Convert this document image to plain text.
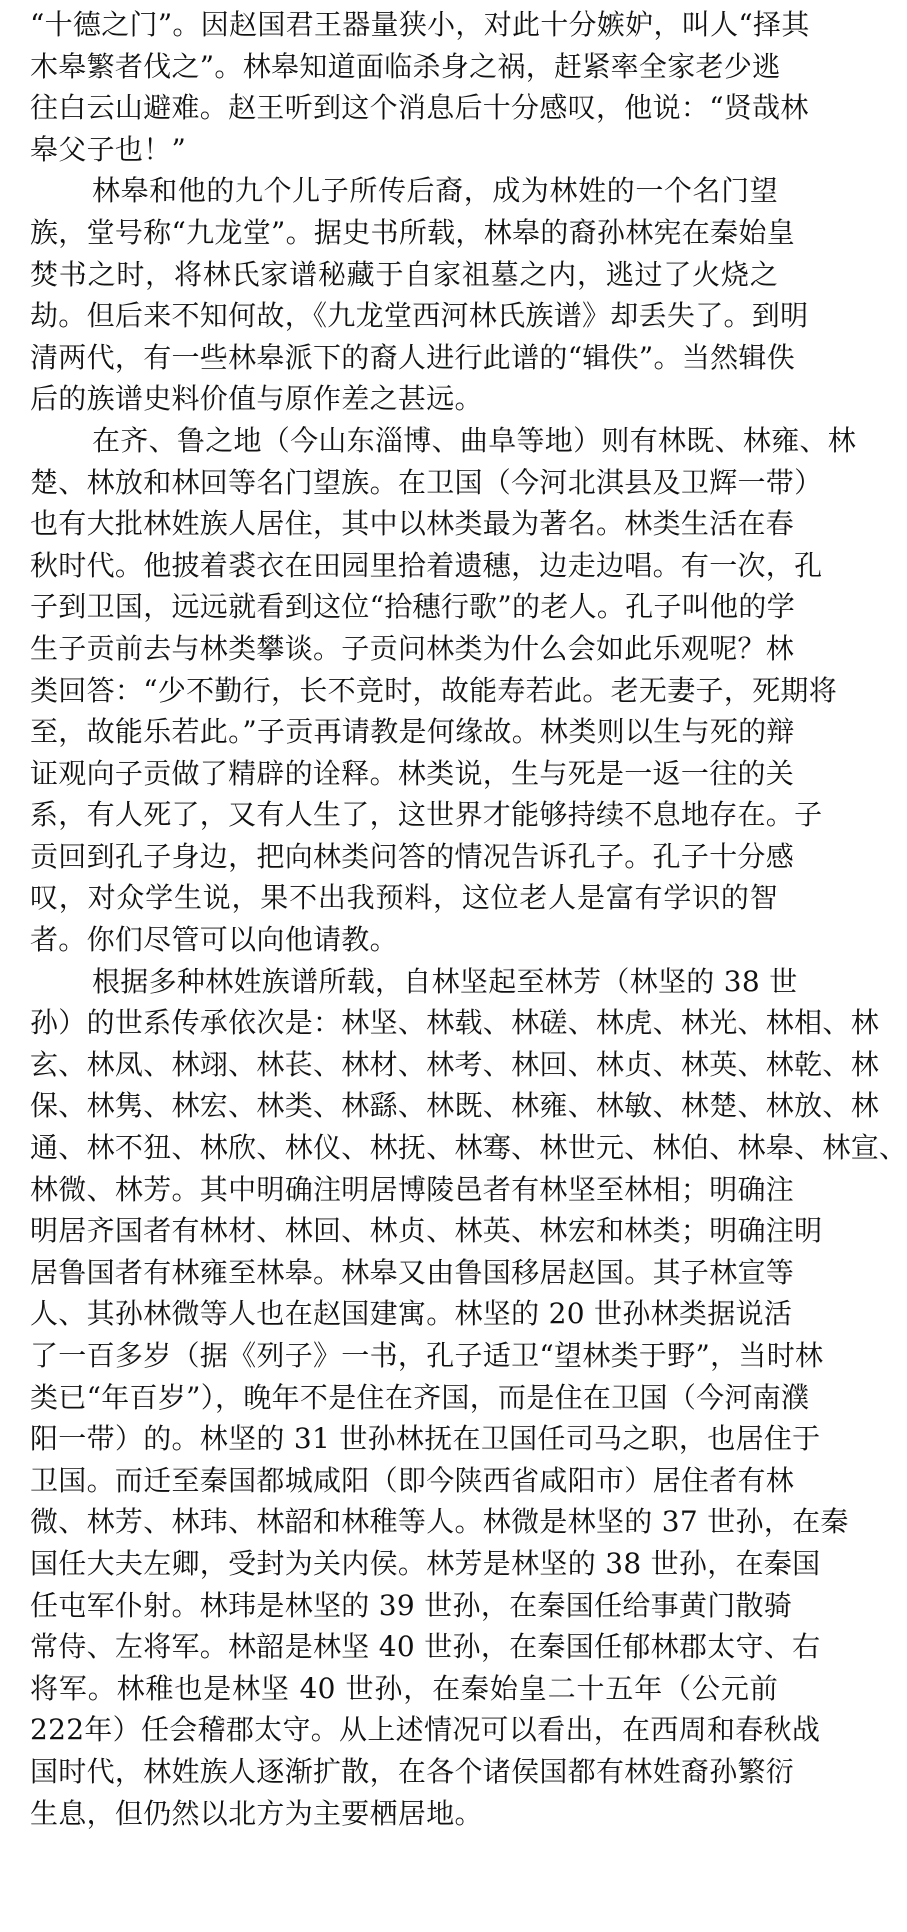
“十德之门”。因赵国君王器量狭小，对此十分嫉妒，叫人“择其
木皋繁者伐之”。林皋知道面临杀身之祸，赶紧率全家老少逃
往白云山避难。赵王听到这个消息后十分感叹，他说：“贤哉林
皋父子也！”
林皋和他的九个儿子所传后裔，成为林姓的一个名门望
族，堂号称“九龙堂”。据史书所载，林皋的裔孙林宪在秦始皇
焚书之时，将林氏家谱秘藏于自家祖墓之内，逃过了火烧之
劫。但后来不知何故，《九龙堂西河林氏族谱》却丢失了。到明
清两代，有一些林皋派下的裔人进行此谱的“辑佚”。当然辑佚
后的族谱史料价值与原作差之甚远。
在齐、鲁之地（今山东淄博、曲阜等地）则有林既、林雍、林
楚、林放和林回等名门望族。在卫国（今河北淇县及卫辉一带）
也有大批林姓族人居住，其中以林类最为著名。林类生活在春
秋时代。他披着裘衣在田园里拾着遗穗，边走边唱。有一次，孔
子到卫国，远远就看到这位“拾穗行歌”的老人。孔子叫他的学
生子贡前去与林类攀谈。子贡问林类为什么会如此乐观呢？林
类回答：“少不勤行，长不竞时，故能寿若此。老无妻子，死期将
至，故能乐若此。”子贡再请教是何缘故。林类则以生与死的辩
证观向子贡做了精辟的诠释。林类说，生与死是一返一往的关
系，有人死了，又有人生了，这世界才能够持续不息地存在。子
贡回到孔子身边，把向林类问答的情况告诉孔子。孔子十分感
叹，对众学生说，果不出我预料，这位老人是富有学识的智
者。你们尽管可以向他请教。
根据多种林姓族谱所载，自林坚起至林芳（林坚的 38 世
孙）的世系传承依次是：林坚、林载、林磋、林虎、林光、林相、林
玄、林凤、林翊、林苌、林材、林考、林回、林贞、林英、林乾、林
保、林隽、林宏、林类、林繇、林既、林雍、林敏、林楚、林放、林
通、林不狃、林欣、林仪、林抚、林骞、林世元、林伯、林皋、林宣、
林微、林芳。其中明确注明居博陵邑者有林坚至林相；明确注
明居齐国者有林材、林回、林贞、林英、林宏和林类；明确注明
居鲁国者有林雍至林皋。林皋又由鲁国移居赵国。其子林宣等
人、其孙林微等人也在赵国建寓。林坚的 20 世孙林类据说活
了一百多岁（据《列子》一书，孔子适卫“望林类于野”，当时林
类已“年百岁”），晚年不是住在齐国，而是住在卫国（今河南濮
阳一带）的。林坚的 31 世孙林抚在卫国任司马之职，也居住于
卫国。而迁至秦国都城咸阳（即今陕西省咸阳市）居住者有林
微、林芳、林玮、林韶和林稚等人。林微是林坚的 37 世孙，在秦
国任大夫左卿，受封为关内侯。林芳是林坚的 38 世孙，在秦国
任屯军仆射。林玮是林坚的 39 世孙，在秦国任给事黄门散骑
常侍、左将军。林韶是林坚 40 世孙，在秦国任郁林郡太守、右
将军。林稚也是林坚 40 世孙，在秦始皇二十五年（公元前
222年）任会稽郡太守。从上述情况可以看出，在西周和春秋战
国时代，林姓族人逐渐扩散，在各个诸侯国都有林姓裔孙繁衍
生息，但仍然以北方为主要栖居地。
